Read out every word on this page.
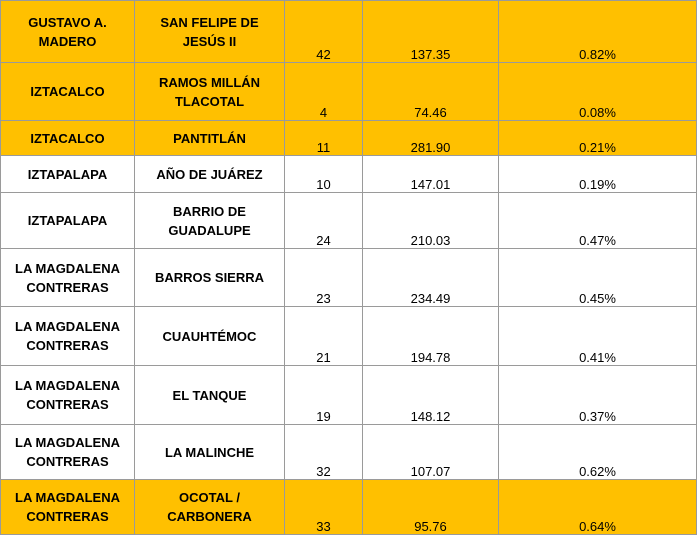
GUSTAVO A. MADERO	SAN FELIPE DE JESÚS II	42	137.35	0.82%
IZTACALCO	RAMOS MILLÁN TLACOTAL	4	74.46	0.08%
IZTACALCO	PANTITLÁN	11	281.90	0.21%
IZTAPALAPA	AÑO DE JUÁREZ	10	147.01	0.19%
IZTAPALAPA	BARRIO DE GUADALUPE	24	210.03	0.47%
LA MAGDALENA CONTRERAS	BARROS SIERRA	23	234.49	0.45%
LA MAGDALENA CONTRERAS	CUAUHTÉMOC	21	194.78	0.41%
LA MAGDALENA CONTRERAS	EL TANQUE	19	148.12	0.37%
LA MAGDALENA CONTRERAS	LA MALINCHE	32	107.07	0.62%
LA MAGDALENA CONTRERAS	OCOTAL / CARBONERA	33	95.76	0.64%
